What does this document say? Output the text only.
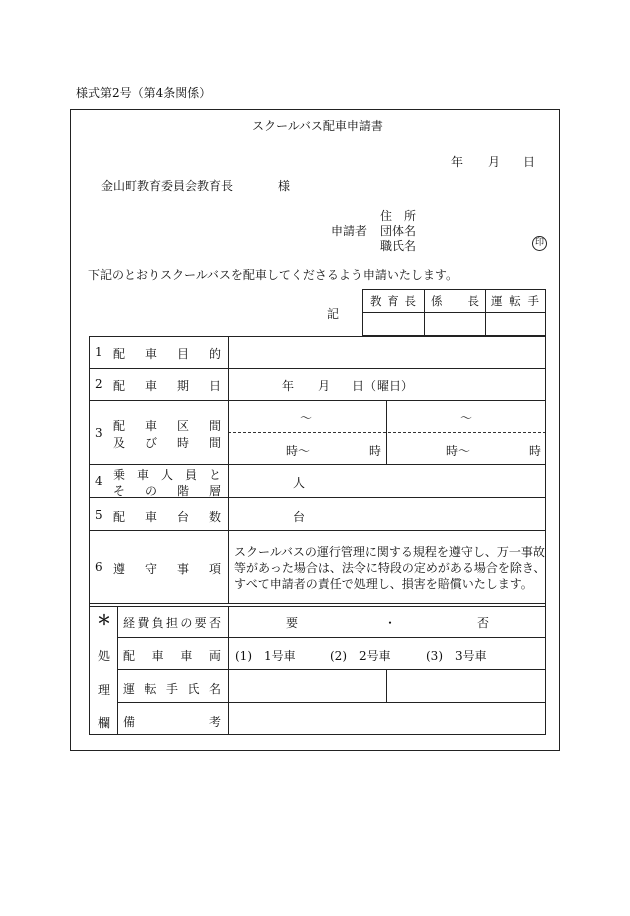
様式第2号（第4条関係）
スクールバス配車申請書
年 月 日
金山町教育委員会教育長	様
住　所
申請者 団体名
職氏名	印
下記のとおりスクールバスを配車してくださるよう申請いたします。
記
教 育 長 係 長 運 転 手
1 配 車 目 的
2 配 車 期 日	年 月 日（ 曜日）
3 配 車 区 間
及 び 時 間
～	～
時～	時	時～	時
4 乗 車 人 員 と
そ の 階 層
人
5 配 車 台 数	台
6 遵 守 事 項
スクールバスの運行管理に関する規程を遵守し、万一事故
等があった場合は、法令に特段の定めがある場合を除き、
すべて申請者の責任で処理し、損害を賠償いたします。
＊
処
理
欄
経 費 負 担 の 要 否	要	・	否
配 車 車 両 (1)　1号車	(2)　2号車	(3)　3号車
運 転 手 氏 名
備	考
